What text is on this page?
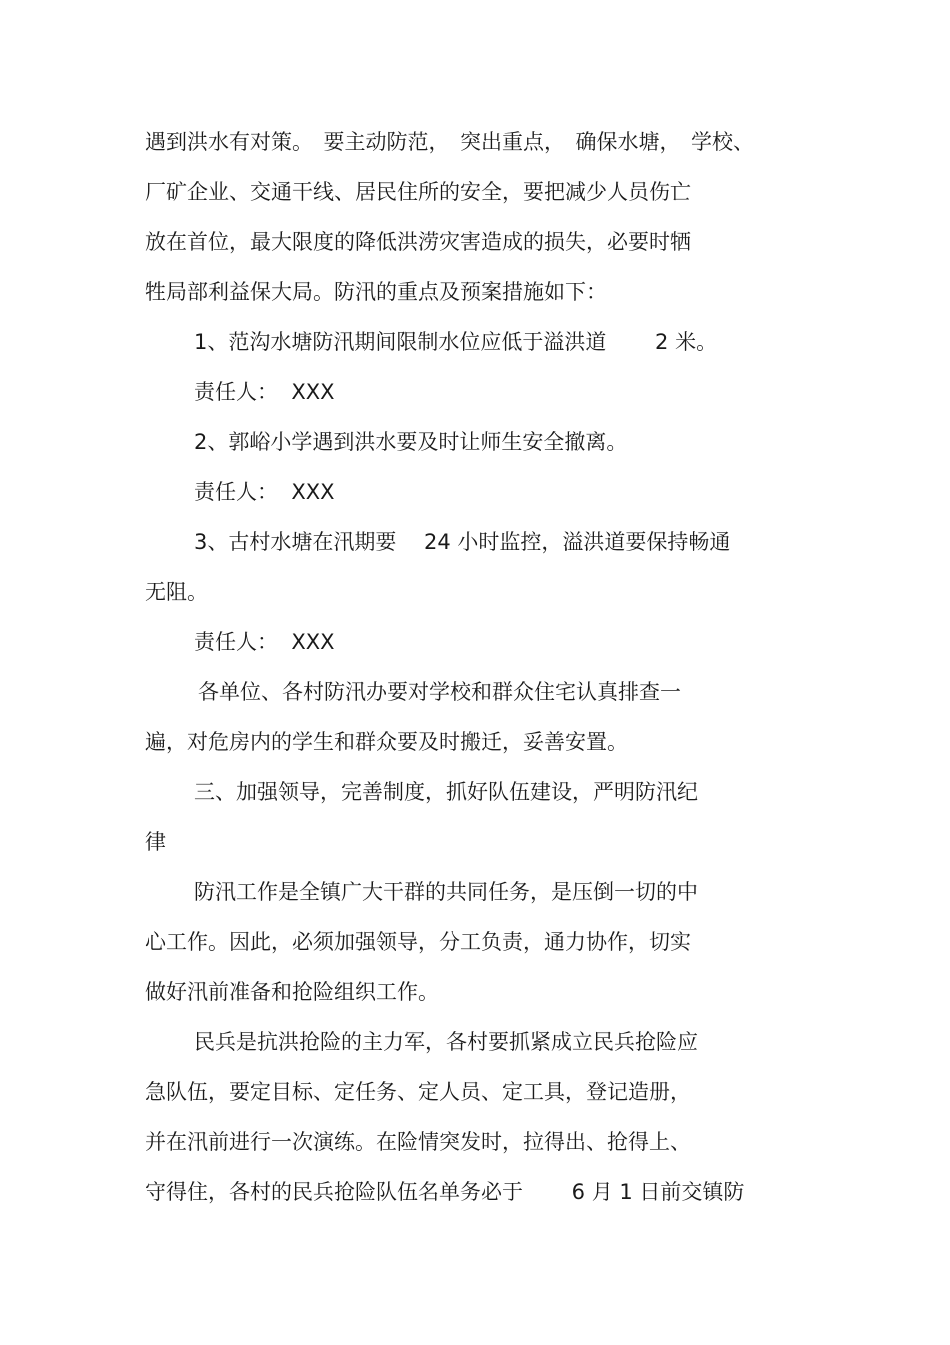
遇到洪水有对策。　要主动防范，　突出重点，　确保水塘，　学校、
厂矿企业、交通干线、居民住所的安全，要把减少人员伤亡
放在首位，最大限度的降低洪涝灾害造成的损失，必要时牺
牲局部利益保大局。防汛的重点及预案措施如下：
1、范沟水塘防汛期间限制水位应低于溢洪道　　 2 米。
责任人：  XXX
2、郭峪小学遇到洪水要及时让师生安全撤离。
责任人：  XXX
3、古村水塘在汛期要　 24 小时监控，溢洪道要保持畅通
无阻。
责任人：  XXX
各单位、各村防汛办要对学校和群众住宅认真排查一
遍，对危房内的学生和群众要及时搬迁，妥善安置。
三、加强领导，完善制度，抓好队伍建设，严明防汛纪
律
防汛工作是全镇广大干群的共同任务，是压倒一切的中
心工作。因此，必须加强领导，分工负责，通力协作，切实
做好汛前准备和抢险组织工作。
民兵是抗洪抢险的主力军，各村要抓紧成立民兵抢险应
急队伍，要定目标、定任务、定人员、定工具，登记造册，
并在汛前进行一次演练。在险情突发时，拉得出、抢得上、
守得住，各村的民兵抢险队伍名单务必于　　 6 月 1 日前交镇防
